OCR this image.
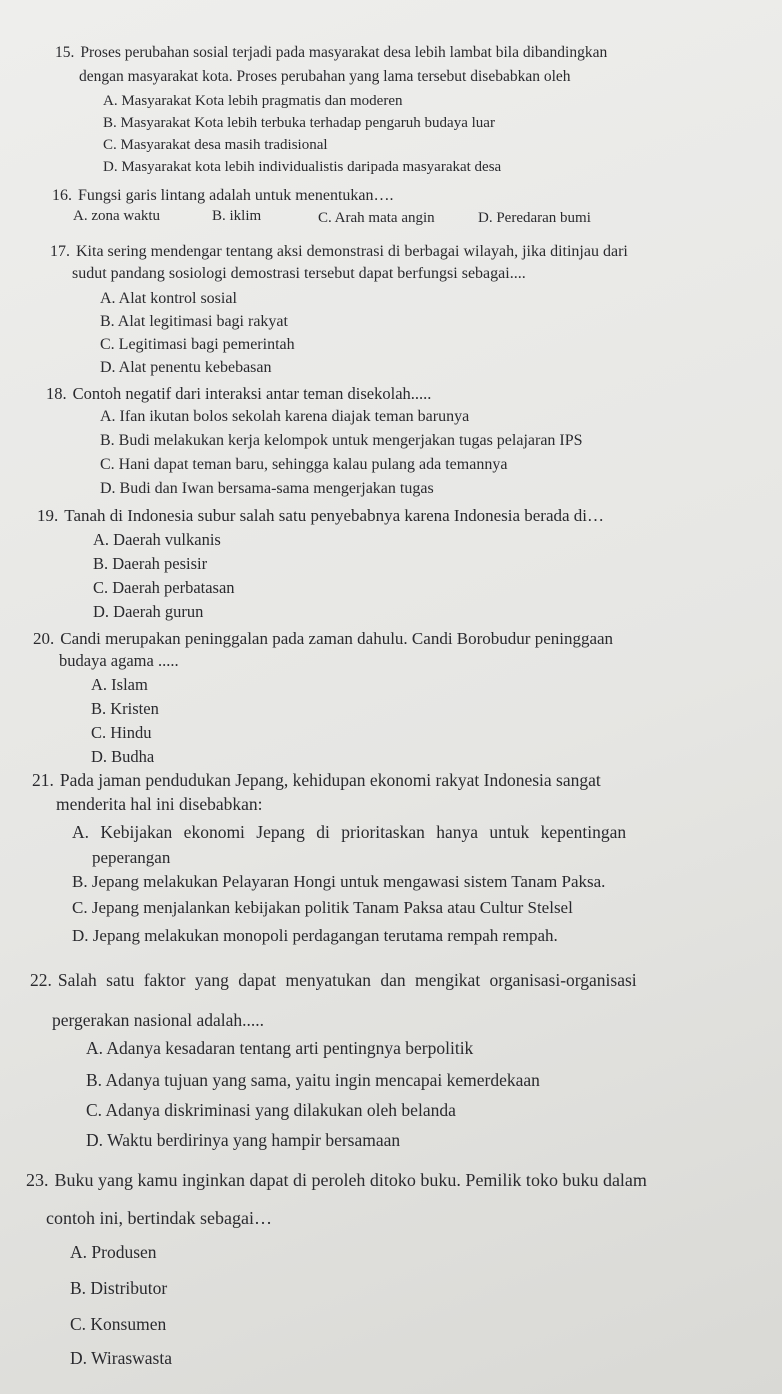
15. Proses perubahan sosial terjadi pada masyarakat desa lebih lambat bila dibandingkan
dengan masyarakat kota. Proses perubahan yang lama tersebut disebabkan oleh
A. Masyarakat Kota lebih pragmatis dan moderen
B. Masyarakat Kota lebih terbuka terhadap pengaruh budaya luar
C. Masyarakat desa masih tradisional
D. Masyarakat kota lebih individualistis daripada masyarakat desa
16. Fungsi garis lintang adalah untuk menentukan….
A. zona waktu	B. iklim	C. Arah mata angin	D. Peredaran bumi
17. Kita sering mendengar tentang aksi demonstrasi di berbagai wilayah, jika ditinjau dari
sudut pandang sosiologi demostrasi tersebut dapat berfungsi sebagai....
A. Alat kontrol sosial
B. Alat legitimasi bagi rakyat
C. Legitimasi bagi pemerintah
D. Alat penentu kebebasan
18. Contoh negatif dari interaksi antar teman disekolah.....
A. Ifan ikutan bolos sekolah karena diajak teman barunya
B. Budi melakukan kerja kelompok untuk mengerjakan tugas pelajaran IPS
C. Hani dapat teman baru, sehingga kalau pulang ada temannya
D. Budi dan Iwan bersama-sama mengerjakan tugas
19. Tanah di Indonesia subur salah satu penyebabnya karena Indonesia berada di…
A. Daerah vulkanis
B. Daerah pesisir
C. Daerah perbatasan
D. Daerah gurun
20. Candi merupakan peninggalan pada zaman dahulu. Candi Borobudur peninggaan
budaya agama .....
A. Islam
B. Kristen
C. Hindu
D. Budha
21. Pada jaman pendudukan Jepang, kehidupan ekonomi rakyat Indonesia sangat
menderita hal ini disebabkan:
A. Kebijakan ekonomi Jepang di prioritaskan hanya untuk kepentingan
peperangan
B. Jepang melakukan Pelayaran Hongi untuk mengawasi sistem Tanam Paksa.
C. Jepang menjalankan kebijakan politik Tanam Paksa atau Cultur Stelsel
D. Jepang melakukan monopoli perdagangan terutama rempah rempah.
22. Salah satu faktor yang dapat menyatukan dan mengikat organisasi-organisasi
pergerakan nasional adalah.....
A. Adanya kesadaran tentang arti pentingnya berpolitik
B. Adanya tujuan yang sama, yaitu ingin mencapai kemerdekaan
C. Adanya diskriminasi yang dilakukan oleh belanda
D. Waktu berdirinya yang hampir bersamaan
23. Buku yang kamu inginkan dapat di peroleh ditoko buku. Pemilik toko buku dalam
contoh ini, bertindak sebagai…
A. Produsen
B. Distributor
C. Konsumen
D. Wiraswasta
